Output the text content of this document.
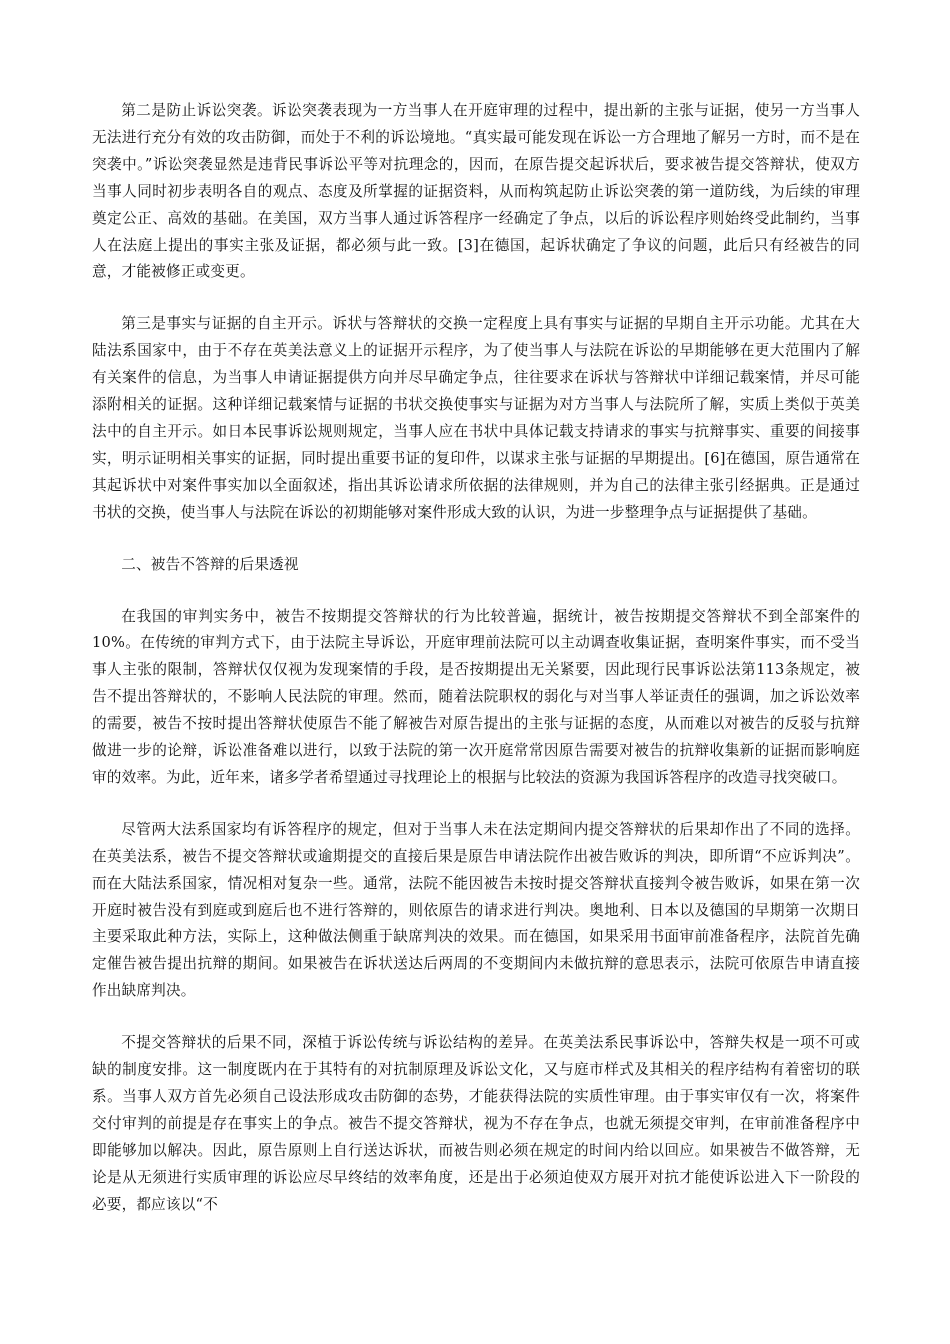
第二是防止诉讼突袭。诉讼突袭表现为一方当事人在开庭审理的过程中，提出新的主张与证据，使另一方当事人无法进行充分有效的攻击防御，而处于不利的诉讼境地。“真实最可能发现在诉讼一方合理地了解另一方时，而不是在突袭中。”诉讼突袭显然是违背民事诉讼平等对抗理念的，因而，在原告提交起诉状后，要求被告提交答辩状，使双方当事人同时初步表明各自的观点、态度及所掌握的证据资料，从而构筑起防止诉讼突袭的第一道防线，为后续的审理奠定公正、高效的基础。在美国，双方当事人通过诉答程序一经确定了争点，以后的诉讼程序则始终受此制约，当事人在法庭上提出的事实主张及证据，都必须与此一致。[3]在德国，起诉状确定了争议的问题，此后只有经被告的同意，才能被修正或变更。

第三是事实与证据的自主开示。诉状与答辩状的交换一定程度上具有事实与证据的早期自主开示功能。尤其在大陆法系国家中，由于不存在英美法意义上的证据开示程序，为了使当事人与法院在诉讼的早期能够在更大范围内了解有关案件的信息，为当事人申请证据提供方向并尽早确定争点，往往要求在诉状与答辩状中详细记载案情，并尽可能添附相关的证据。这种详细记载案情与证据的书状交换使事实与证据为对方当事人与法院所了解，实质上类似于英美法中的自主开示。如日本民事诉讼规则规定，当事人应在书状中具体记载支持请求的事实与抗辩事实、重要的间接事实，明示证明相关事实的证据，同时提出重要书证的复印件，以谋求主张与证据的早期提出。[6]在德国，原告通常在其起诉状中对案件事实加以全面叙述，指出其诉讼请求所依据的法律规则，并为自己的法律主张引经据典。正是通过书状的交换，使当事人与法院在诉讼的初期能够对案件形成大致的认识，为进一步整理争点与证据提供了基础。

二、被告不答辩的后果透视

在我国的审判实务中，被告不按期提交答辩状的行为比较普遍，据统计，被告按期提交答辩状不到全部案件的10%。在传统的审判方式下，由于法院主导诉讼，开庭审理前法院可以主动调查收集证据，查明案件事实，而不受当事人主张的限制，答辩状仅仅视为发现案情的手段，是否按期提出无关紧要，因此现行民事诉讼法第113条规定，被告不提出答辩状的，不影响人民法院的审理。然而，随着法院职权的弱化与对当事人举证责任的强调，加之诉讼效率的需要，被告不按时提出答辩状使原告不能了解被告对原告提出的主张与证据的态度，从而难以对被告的反驳与抗辩做进一步的论辩，诉讼准备难以进行，以致于法院的第一次开庭常常因原告需要对被告的抗辩收集新的证据而影响庭审的效率。为此，近年来，诸多学者希望通过寻找理论上的根据与比较法的资源为我国诉答程序的改造寻找突破口。

尽管两大法系国家均有诉答程序的规定，但对于当事人未在法定期间内提交答辩状的后果却作出了不同的选择。在英美法系，被告不提交答辩状或逾期提交的直接后果是原告申请法院作出被告败诉的判决，即所谓“不应诉判决”。而在大陆法系国家，情况相对复杂一些。通常，法院不能因被告未按时提交答辩状直接判令被告败诉，如果在第一次开庭时被告没有到庭或到庭后也不进行答辩的，则依原告的请求进行判决。奥地利、日本以及德国的早期第一次期日主要采取此种方法，实际上，这种做法侧重于缺席判决的效果。而在德国，如果采用书面审前准备程序，法院首先确定催告被告提出抗辩的期间。如果被告在诉状送达后两周的不变期间内未做抗辩的意思表示，法院可依原告申请直接作出缺席判决。

不提交答辩状的后果不同，深植于诉讼传统与诉讼结构的差异。在英美法系民事诉讼中，答辩失权是一项不可或缺的制度安排。这一制度既内在于其特有的对抗制原理及诉讼文化，又与庭市样式及其相关的程序结构有着密切的联系。当事人双方首先必须自己设法形成攻击防御的态势，才能获得法院的实质性审理。由于事实审仅有一次，将案件交付审判的前提是存在事实上的争点。被告不提交答辩状，视为不存在争点，也就无须提交审判，在审前准备程序中即能够加以解决。因此，原告原则上自行送达诉状，而被告则必须在规定的时间内给以回应。如果被告不做答辩，无论是从无须进行实质审理的诉讼应尽早终结的效率角度，还是出于必须迫使双方展开对抗才能使诉讼进入下一阶段的必要，都应该以“不
